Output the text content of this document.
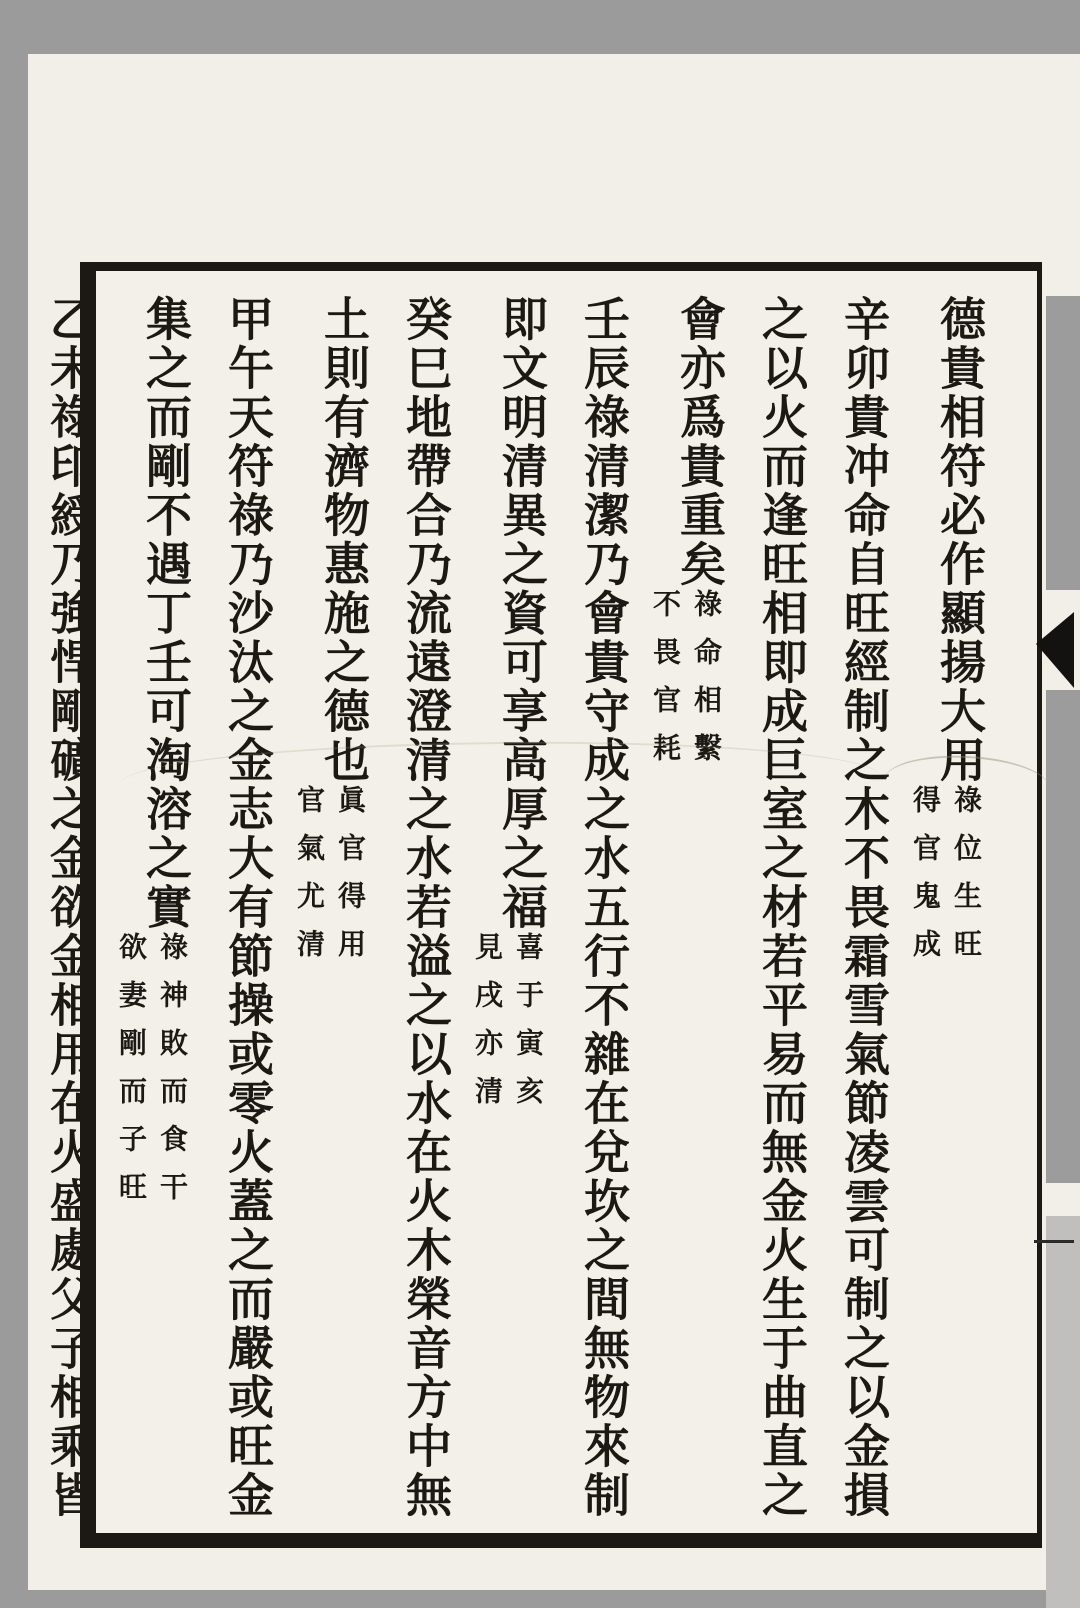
德貴相符必作顯揚大用
祿位生旺
得官鬼成

辛卯貴冲命自旺經制之木不畏霜雪氣節凌雲可制之以金損

之以火而逢旺相即成巨室之材若平易而無金火生于曲直之

會亦爲貴重矣
祿命相繫
不畏官耗

壬辰祿清潔乃會貴守成之水五行不雜在兌坎之間無物來制

即文明清異之資可享高厚之福
喜于寅亥
見戌亦清

癸巳地帶合乃流遠澄清之水若溢之以水在火木榮音方中無

土則有濟物惠施之德也
眞官得用
官氣尤清

甲午天符祿乃沙汰之金志大有節操或零火蓋之而嚴或旺金

集之而剛不遇丁壬可淘溶之實
祿神敗而食干
欲妻剛而子旺

乙未祿印綬乃強悍剛礦之金欲金相用在火盛處父子相乘皆
